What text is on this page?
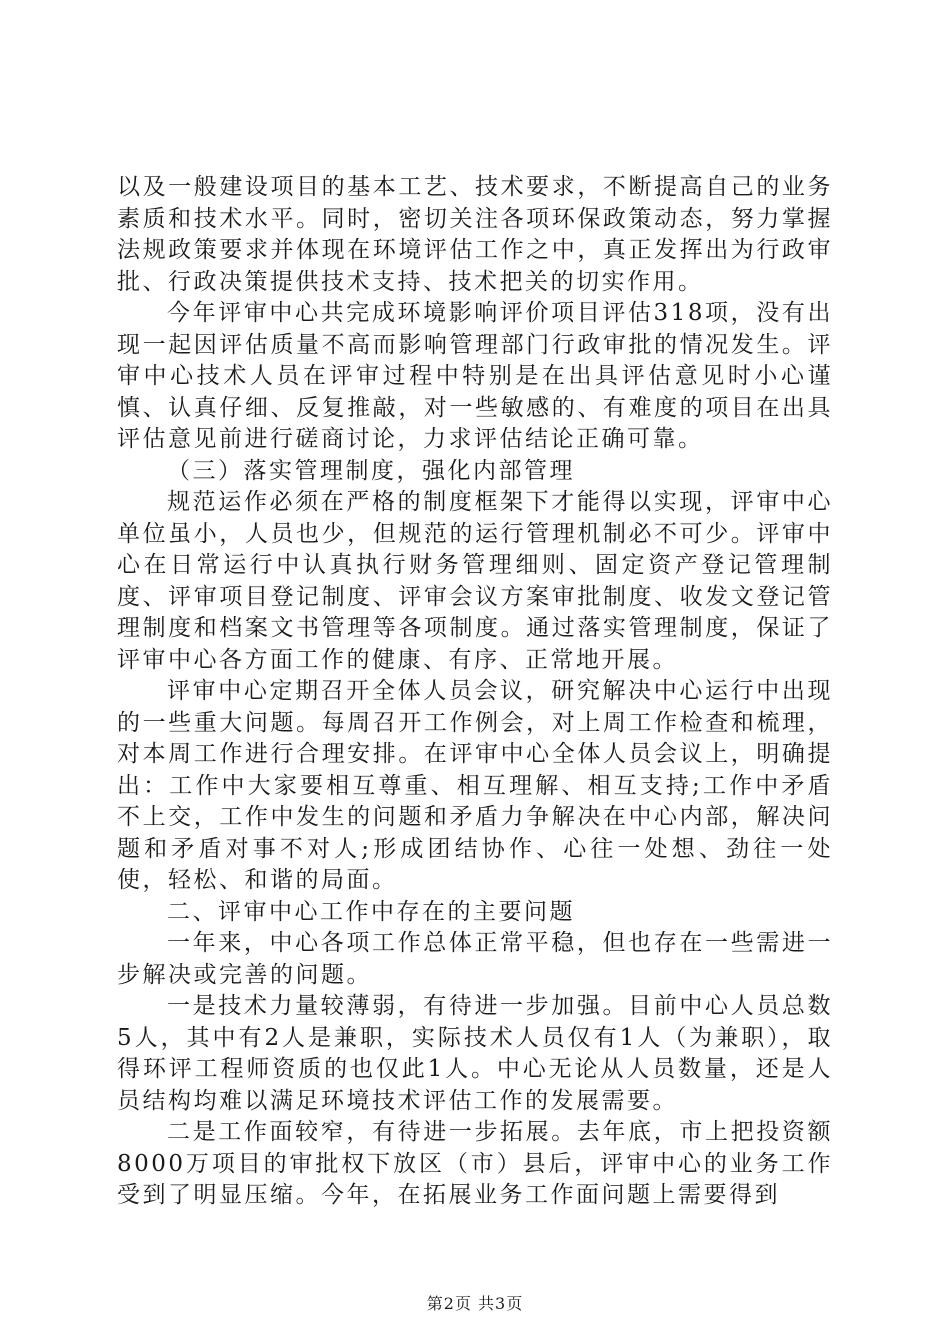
以及一般建设项目的基本工艺、技术要求，不断提高自己的业务素质和技术水平。同时，密切关注各项环保政策动态，努力掌握法规政策要求并体现在环境评估工作之中，真正发挥出为行政审批、行政决策提供技术支持、技术把关的切实作用。

今年评审中心共完成环境影响评价项目评估318项，没有出现一起因评估质量不高而影响管理部门行政审批的情况发生。评审中心技术人员在评审过程中特别是在出具评估意见时小心谨慎、认真仔细、反复推敲，对一些敏感的、有难度的项目在出具评估意见前进行磋商讨论，力求评估结论正确可靠。

（三）落实管理制度，强化内部管理

规范运作必须在严格的制度框架下才能得以实现，评审中心单位虽小，人员也少，但规范的运行管理机制必不可少。评审中心在日常运行中认真执行财务管理细则、固定资产登记管理制度、评审项目登记制度、评审会议方案审批制度、收发文登记管理制度和档案文书管理等各项制度。通过落实管理制度，保证了评审中心各方面工作的健康、有序、正常地开展。

评审中心定期召开全体人员会议，研究解决中心运行中出现的一些重大问题。每周召开工作例会，对上周工作检查和梳理，对本周工作进行合理安排。在评审中心全体人员会议上，明确提出：工作中大家要相互尊重、相互理解、相互支持;工作中矛盾不上交，工作中发生的问题和矛盾力争解决在中心内部，解决问题和矛盾对事不对人;形成团结协作、心往一处想、劲往一处使，轻松、和谐的局面。

二、评审中心工作中存在的主要问题

一年来，中心各项工作总体正常平稳，但也存在一些需进一步解决或完善的问题。

一是技术力量较薄弱，有待进一步加强。目前中心人员总数5人，其中有2人是兼职，实际技术人员仅有1人（为兼职），取得环评工程师资质的也仅此1人。中心无论从人员数量，还是人员结构均难以满足环境技术评估工作的发展需要。

二是工作面较窄，有待进一步拓展。去年底，市上把投资额8000万项目的审批权下放区（市）县后，评审中心的业务工作受到了明显压缩。今年，在拓展业务工作面问题上需要得到

第2页 共3页
